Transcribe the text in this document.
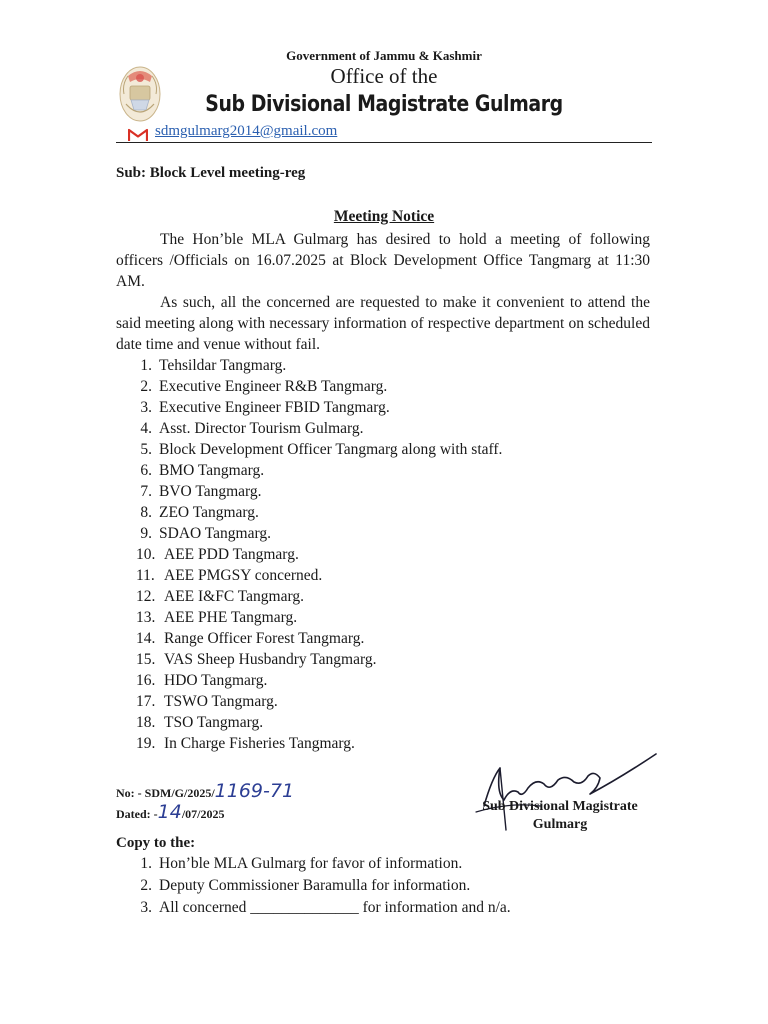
Government of Jammu & Kashmir
Office of the
Sub Divisional Magistrate Gulmarg
sdmgulmarg2014@gmail.com
Sub: Block Level meeting-reg
Meeting Notice
The Hon’ble MLA Gulmarg has desired to hold a meeting of following officers /Officials on 16.07.2025 at Block Development Office Tangmarg at 11:30 AM.
As such, all the concerned are requested to make it convenient to attend the said meeting along with necessary information of respective department on scheduled date time and venue without fail.
1. Tehsildar Tangmarg.
2. Executive Engineer R&B Tangmarg.
3. Executive Engineer FBID Tangmarg.
4. Asst. Director Tourism Gulmarg.
5. Block Development Officer Tangmarg along with staff.
6. BMO Tangmarg.
7. BVO Tangmarg.
8. ZEO Tangmarg.
9. SDAO Tangmarg.
10. AEE PDD Tangmarg.
11. AEE PMGSY concerned.
12. AEE I&FC Tangmarg.
13. AEE PHE Tangmarg.
14. Range Officer Forest Tangmarg.
15. VAS Sheep Husbandry Tangmarg.
16. HDO Tangmarg.
17. TSWO Tangmarg.
18. TSO Tangmarg.
19. In Charge Fisheries Tangmarg.
No: - SDM/G/2025/1169-71
Dated: -14/07/2025	Sub Divisional Magistrate
Gulmarg
Copy to the:
1. Hon’ble MLA Gulmarg for favor of information.
2. Deputy Commissioner Baramulla for information.
3. All concerned ______________ for information and n/a.
